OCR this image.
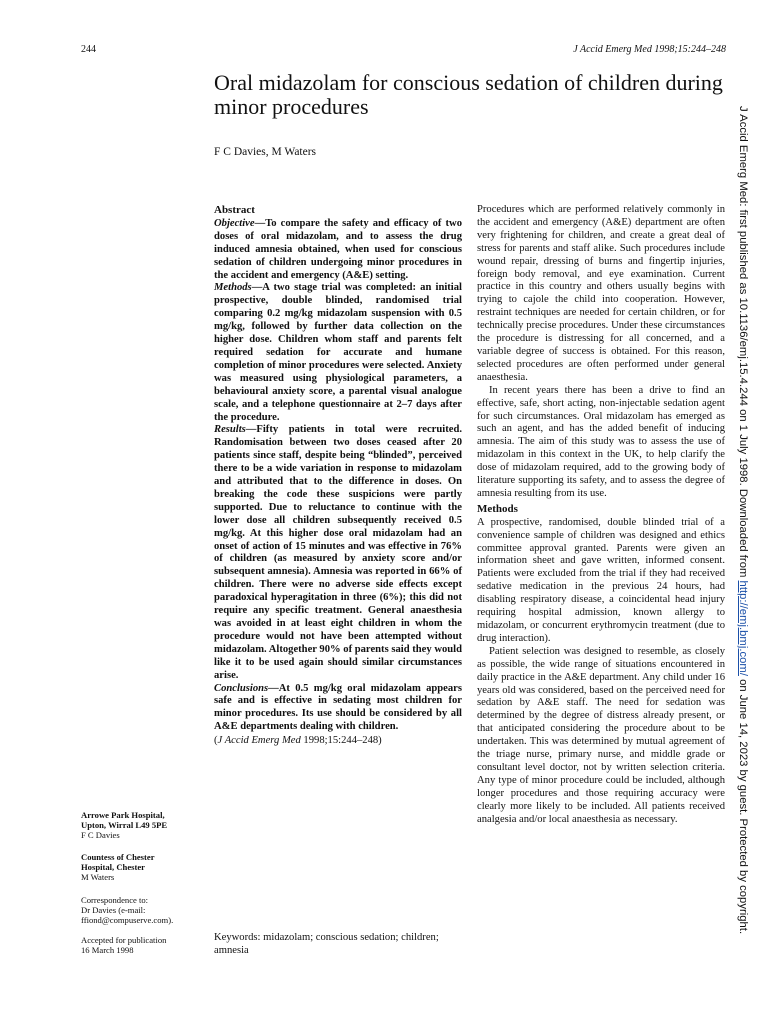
244	J Accid Emerg Med 1998;15:244–248
Oral midazolam for conscious sedation of children during minor procedures
F C Davies, M Waters
Abstract

Objective—To compare the safety and efficacy of two doses of oral midazolam, and to assess the drug induced amnesia obtained, when used for conscious sedation of children undergoing minor procedures in the accident and emergency (A&E) setting.

Methods—A two stage trial was completed: an initial prospective, double blinded, randomised trial comparing 0.2 mg/kg midazolam suspension with 0.5 mg/kg, followed by further data collection on the higher dose. Children whom staff and parents felt required sedation for accurate and humane completion of minor procedures were selected. Anxiety was measured using physiological parameters, a behavioural anxiety score, a parental visual analogue scale, and a telephone questionnaire at 2–7 days after the procedure.

Results—Fifty patients in total were recruited. Randomisation between two doses ceased after 20 patients since staff, despite being “blinded”, perceived there to be a wide variation in response to midazolam and attributed that to the difference in doses. On breaking the code these suspicions were partly supported. Due to reluctance to continue with the lower dose all children subsequently received 0.5 mg/kg. At this higher dose oral midazolam had an onset of action of 15 minutes and was effective in 76% of children (as measured by anxiety score and/or subsequent amnesia). Amnesia was reported in 66% of children. There were no adverse side effects except paradoxical hyperagitation in three (6%); this did not require any specific treatment. General anaesthesia was avoided in at least eight children in whom the procedure would not have been attempted without midazolam. Altogether 90% of parents said they would like it to be used again should similar circumstances arise.

Conclusions—At 0.5 mg/kg oral midazolam appears safe and is effective in sedating most children for minor procedures. Its use should be considered by all A&E departments dealing with children.

(J Accid Emerg Med 1998;15:244–248)

Keywords: midazolam; conscious sedation; children; amnesia

Procedures which are performed relatively commonly in the accident and emergency (A&E) department are often very frightening for children, and create a great deal of stress for parents and staff alike. Such procedures include wound repair, dressing of burns and fingertip injuries, foreign body removal, and eye examination. Current practice in this country and others usually begins with trying to cajole the child into cooperation. However, restraint techniques are needed for certain children, or for technically precise procedures. Under these circumstances the procedure is distressing for all concerned, and a variable degree of success is obtained. For this reason, selected procedures are often performed under general anaesthesia.

In recent years there has been a drive to find an effective, safe, short acting, non-injectable sedation agent for such circumstances. Oral midazolam has emerged as such an agent, and has the added benefit of inducing amnesia. The aim of this study was to assess the use of midazolam in this context in the UK, to help clarify the dose of midazolam required, add to the growing body of literature supporting its safety, and to assess the degree of amnesia resulting from its use.

Methods

A prospective, randomised, double blinded trial of a convenience sample of children was designed and ethics committee approval granted. Parents were given an information sheet and gave written, informed consent. Patients were excluded from the trial if they had received sedative medication in the previous 24 hours, had disabling respiratory disease, a coincidental head injury requiring hospital admission, known allergy to midazolam, or concurrent erythromycin treatment (due to drug interaction).

Patient selection was designed to resemble, as closely as possible, the wide range of situations encountered in daily practice in the A&E department. Any child under 16 years old was considered, based on the perceived need for sedation by A&E staff. The need for sedation was determined by the degree of distress already present, or that anticipated considering the procedure about to be undertaken. This was determined by mutual agreement of the triage nurse, primary nurse, and middle grade or consultant level doctor, not by written selection criteria. Any type of minor procedure could be included, although longer procedures and those requiring accuracy were clearly more likely to be included. All patients received analgesia and/or local anaesthesia as necessary.

Arrowe Park Hospital,
Upton, Wirral L49 5PE
F C Davies
Countess of Chester
Hospital, Chester
M Waters
Correspondence to:
Dr Davies (e-mail:
ffiond@compuserve.com).
Accepted for publication
16 March 1998
J Accid Emerg Med: first published as 10.1136/emj.15.4.244 on 1 July 1998. Downloaded from http://emj.bmj.com/ on June 14, 2023 by guest. Protected by copyright.
